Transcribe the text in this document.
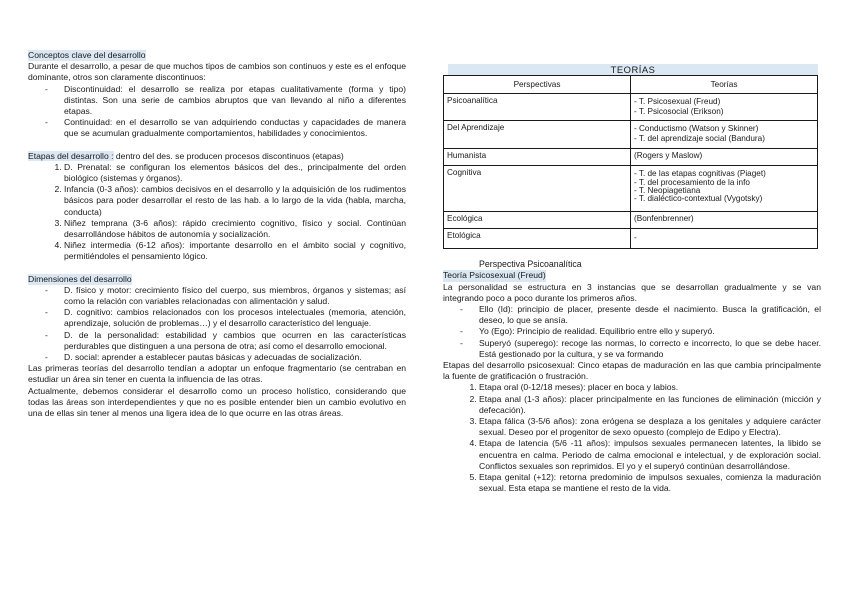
Conceptos clave del desarrollo

Durante el desarrollo, a pesar de que muchos tipos de cambios son continuos y este es el enfoque dominante, otros son claramente discontinuos:

- Discontinuidad: el desarrollo se realiza por etapas cualitativamente (forma y tipo) distintas. Son una serie de cambios abruptos que van llevando al niño a diferentes etapas.
- Continuidad: en el desarrollo se van adquiriendo conductas y capacidades de manera que se acumulan gradualmente comportamientos, habilidades y conocimientos.

Etapas del desarrollo : dentro del des. se producen procesos discontinuos (etapas)

1. D. Prenatal: se configuran los elementos básicos del des., principalmente del orden biológico (sistemas y órganos).
2. Infancia (0-3 años): cambios decisivos en el desarrollo y la adquisición de los rudimentos básicos para poder desarrollar el resto de las hab. a lo largo de la vida (habla, marcha, conducta)
3. Niñez temprana (3-6 años): rápido crecimiento cognitivo, físico y social. Continúan desarrollándose hábitos de autonomía y socialización.
4. Niñez intermedia (6-12 años): importante desarrollo en el ámbito social y cognitivo, permitiéndoles el pensamiento lógico.
Dimensiones del desarrollo
- D. físico y motor: crecimiento físico del cuerpo, sus miembros, órganos y sistemas; así como la relación con variables relacionadas con alimentación y salud.
- D. cognitivo: cambios relacionados con los procesos intelectuales (memoria, atención, aprendizaje, solución de problemas…) y el desarrollo característico del lenguaje.
- D. de la personalidad: estabilidad y cambios que ocurren en las características perdurables que distinguen a una persona de otra; así como el desarrollo emocional.
- D. social: aprender a establecer pautas básicas y adecuadas de socialización.

Las primeras teorías del desarrollo tendían a adoptar un enfoque fragmentario (se centraban en estudiar un área sin tener en cuenta la influencia de las otras.

Actualmente, debemos considerar el desarrollo como un proceso holístico, considerando que todas las áreas son interdependientes y que no es posible entender bien un cambio evolutivo en una de ellas sin tener al menos una ligera idea de lo que ocurre en las otras áreas.

TEORÍAS
Perspectivas	Teorías
Psicoanalítica	- T. Psicosexual (Freud)
- T. Psicosocial (Erikson)

Del Aprendizaje	- Conductismo (Watson y Skinner)
- T. del aprendizaje social (Bandura)

Humanista	(Rogers y Maslow)

Cognitiva	- T. de las etapas cognitivas (Piaget)
- T. del procesamiento de la info
- T. Neopiagetiana
- T. dialéctico-contextual (Vygotsky)

Ecológica	(Bonfenbrenner)

Etológica	-
Perspectiva Psicoanalítica
Teoría Psicosexual (Freud)

La personalidad se estructura en 3 instancias que se desarrollan gradualmente y se van integrando poco a poco durante los primeros años.

- Ello (Id): principio de placer, presente desde el nacimiento. Busca la gratificación, el deseo, lo que se ansía.
- Yo (Ego): Principio de realidad. Equilibrio entre ello y superyó.
- Superyó (superego): recoge las normas, lo correcto e incorrecto, lo que se debe hacer. Está gestionado por la cultura, y se va formando

Etapas del desarrollo psicosexual: Cinco etapas de maduración en las que cambia principalmente la fuente de gratificación o frustración.

1. Etapa oral (0-12/18 meses): placer en boca y labios.
2. Etapa anal (1-3 años): placer principalmente en las funciones de eliminación (micción y defecación).
3. Etapa fálica (3-5/6 años): zona erógena se desplaza a los genitales y adquiere carácter sexual. Deseo por el progenitor de sexo opuesto (complejo de Edipo y Electra).
4. Etapa de latencia (5/6 -11 años): impulsos sexuales permanecen latentes, la libido se encuentra en calma. Periodo de calma emocional e intelectual, y de exploración social. Conflictos sexuales son reprimidos. El yo y el superyó continúan desarrollándose.
5. Etapa genital (+12): retorna predominio de impulsos sexuales, comienza la maduración sexual. Esta etapa se mantiene el resto de la vida.
